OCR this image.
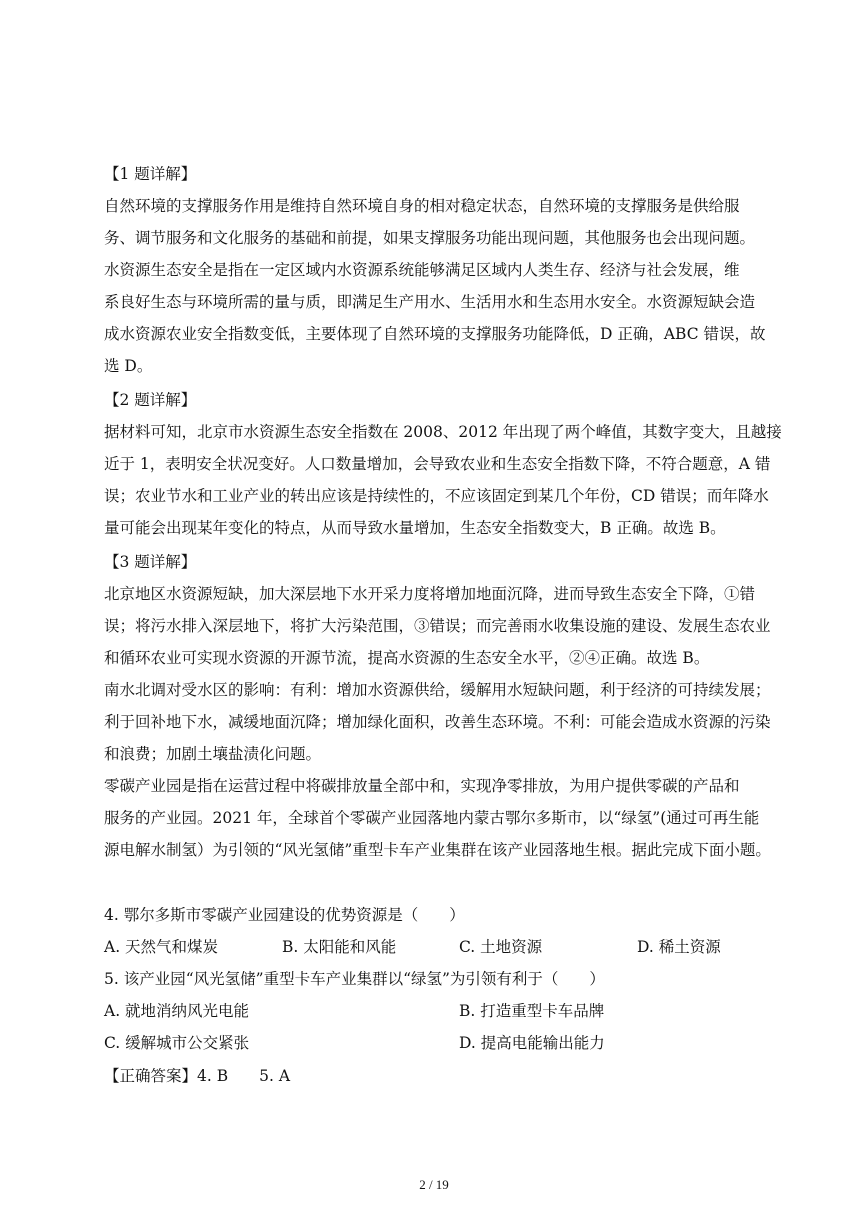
【1 题详解】
自然环境的支撑服务作用是维持自然环境自身的相对稳定状态，自然环境的支撑服务是供给服
务、调节服务和文化服务的基础和前提，如果支撑服务功能出现问题，其他服务也会出现问题。
水资源生态安全是指在一定区域内水资源系统能够满足区域内人类生存、经济与社会发展，维
系良好生态与环境所需的量与质，即满足生产用水、生活用水和生态用水安全。水资源短缺会造
成水资源农业安全指数变低，主要体现了自然环境的支撑服务功能降低，D 正确，ABC 错误，故
选 D。
【2 题详解】
据材料可知，北京市水资源生态安全指数在 2008、2012 年出现了两个峰值，其数字变大，且越接
近于 1，表明安全状况变好。人口数量增加，会导致农业和生态安全指数下降，不符合题意，A 错
误；农业节水和工业产业的转出应该是持续性的，不应该固定到某几个年份，CD 错误；而年降水
量可能会出现某年变化的特点，从而导致水量增加，生态安全指数变大，B 正确。故选 B。
【3 题详解】
北京地区水资源短缺，加大深层地下水开采力度将增加地面沉降，进而导致生态安全下降，①错
误；将污水排入深层地下，将扩大污染范围，③错误；而完善雨水收集设施的建设、发展生态农业
和循环农业可实现水资源的开源节流，提高水资源的生态安全水平，②④正确。故选 B。
南水北调对受水区的影响：有利：增加水资源供给，缓解用水短缺问题，利于经济的可持续发展；
利于回补地下水，减缓地面沉降；增加绿化面积，改善生态环境。不利：可能会造成水资源的污染
和浪费；加剧土壤盐渍化问题。
零碳产业园是指在运营过程中将碳排放量全部中和，实现净零排放，为用户提供零碳的产品和
服务的产业园。2021 年，全球首个零碳产业园落地内蒙古鄂尔多斯市，以“绿氢”(通过可再生能
源电解水制氢）为引领的“风光氢储”重型卡车产业集群在该产业园落地生根。据此完成下面小题。
4. 鄂尔多斯市零碳产业园建设的优势资源是（　　）
A. 天然气和煤炭	B. 太阳能和风能	C. 土地资源	D. 稀土资源
5. 该产业园“风光氢储”重型卡车产业集群以“绿氢”为引领有利于（　　）
A. 就地消纳风光电能	B. 打造重型卡车品牌
C. 缓解城市公交紧张	D. 提高电能输出能力
【正确答案】4. B　　5. A
2 / 19
